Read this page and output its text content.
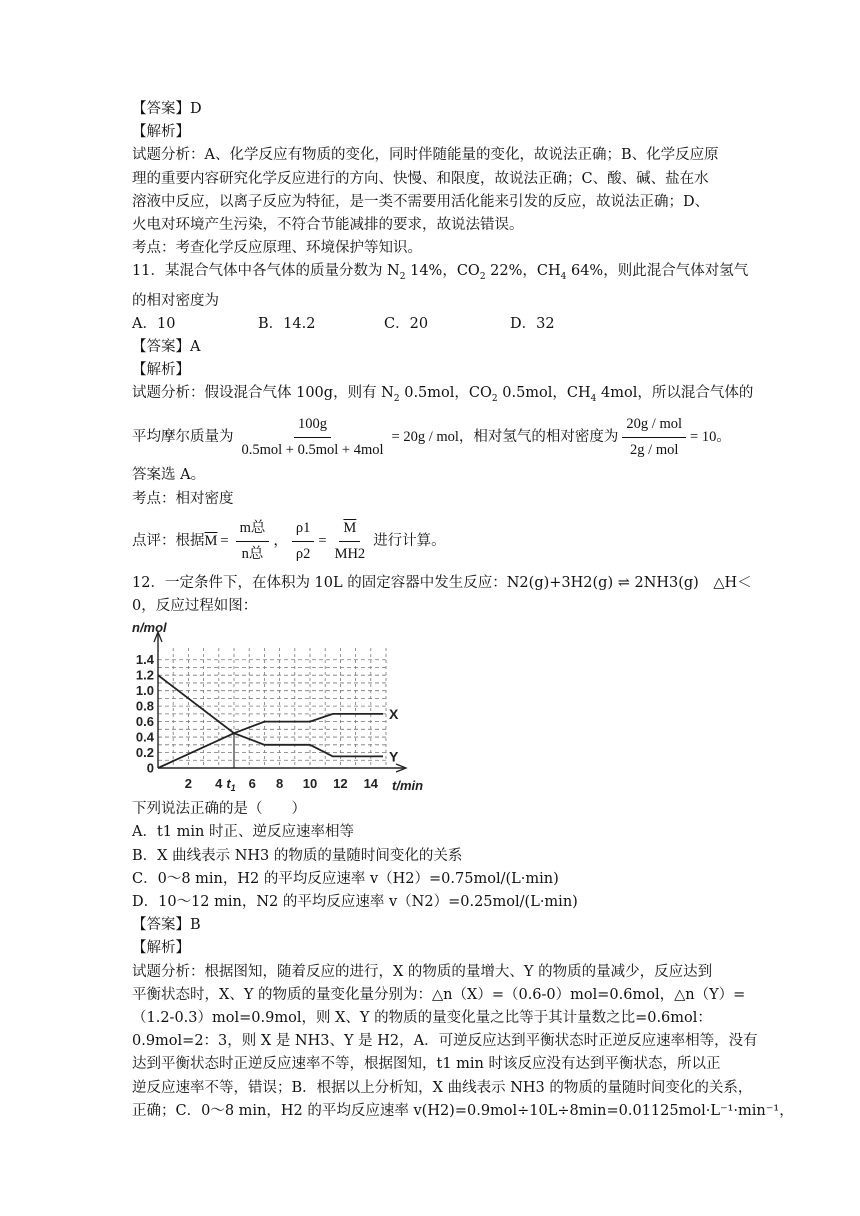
【答案】D

【解析】

试题分析：A、化学反应有物质的变化，同时伴随能量的变化，故说法正确；B、化学反应原

理的重要内容研究化学反应进行的方向、快慢、和限度，故说法正确；C、酸、碱、盐在水

溶液中反应，以离子反应为特征，是一类不需要用活化能来引发的反应，故说法正确；D、

火电对环境产生污染，不符合节能减排的要求，故说法错误。

考点：考查化学反应原理、环境保护等知识。

11．某混合气体中各气体的质量分数为 $N_2$ 14%，$CO_2$ 22%，$CH_4$ 64%，则此混合气体对氢气

的相对密度为

A．10	B．14.2	C．20	D．32

【答案】A

【解析】

试题分析：假设混合气体 100g，则有 $N_2$ 0.5mol，$CO_2$ 0.5mol，$CH_4$ 4mol，所以混合气体的

平均摩尔质量为 $\frac{100g}{\text{0.5mol + 0.5mol + 4mol}} = 20g$ / mol ，相对氢气的相对密度为 $\frac{\text{20g / mol}}{\text{2g / mol}} = 10$ 。

答案选 A。

考点：相对密度

点评：根据 $\overline{M} = \frac{\text{m总}}{\text{n总}}$ ， $\frac{\rho 1}{\rho 2} = \frac{\overline{M}}{MH2}$ 进行计算。

12．一定条件下，在体积为 10L 的固定容器中发生反应：N2(g)+3H2(g) ⇌ 2NH3(g)　△H＜

0，反应过程如图：

n/mol
t/min
0
0.2
0.4
0.6
0.8
1.0
1.2
1.4
2 4 $t_1$ 6 8 10 12 14
X
Y

下列说法正确的是（　　）

A．t1 min 时正、逆反应速率相等

B．X 曲线表示 NH3 的物质的量随时间变化的关系

C．0～8 min，H2 的平均反应速率 v（H2）=0.75mol/(L·min)

D．10～12 min，N2 的平均反应速率 v（N2）=0.25mol/(L·min)

【答案】B

【解析】

试题分析：根据图知，随着反应的进行，X 的物质的量增大、Y 的物质的量减少，反应达到

平衡状态时，X、Y 的物质的量变化量分别为：△n（X）=（0.6-0）mol=0.6mol，△n（Y）=

（1.2-0.3）mol=0.9mol，则 X、Y 的物质的量变化量之比等于其计量数之比=0.6mol：

0.9mol=2：3，则 X 是 NH3、Y 是 H2，A．可逆反应达到平衡状态时正逆反应速率相等，没有

达到平衡状态时正逆反应速率不等，根据图知，t1 min 时该反应没有达到平衡状态，所以正

逆反应速率不等，错误；B．根据以上分析知，X 曲线表示 NH3 的物质的量随时间变化的关系，

正确；C．0～8 min，H2 的平均反应速率 v(H2)=0.9mol÷10L÷8min=0.01125mol·L⁻¹·min⁻¹，
